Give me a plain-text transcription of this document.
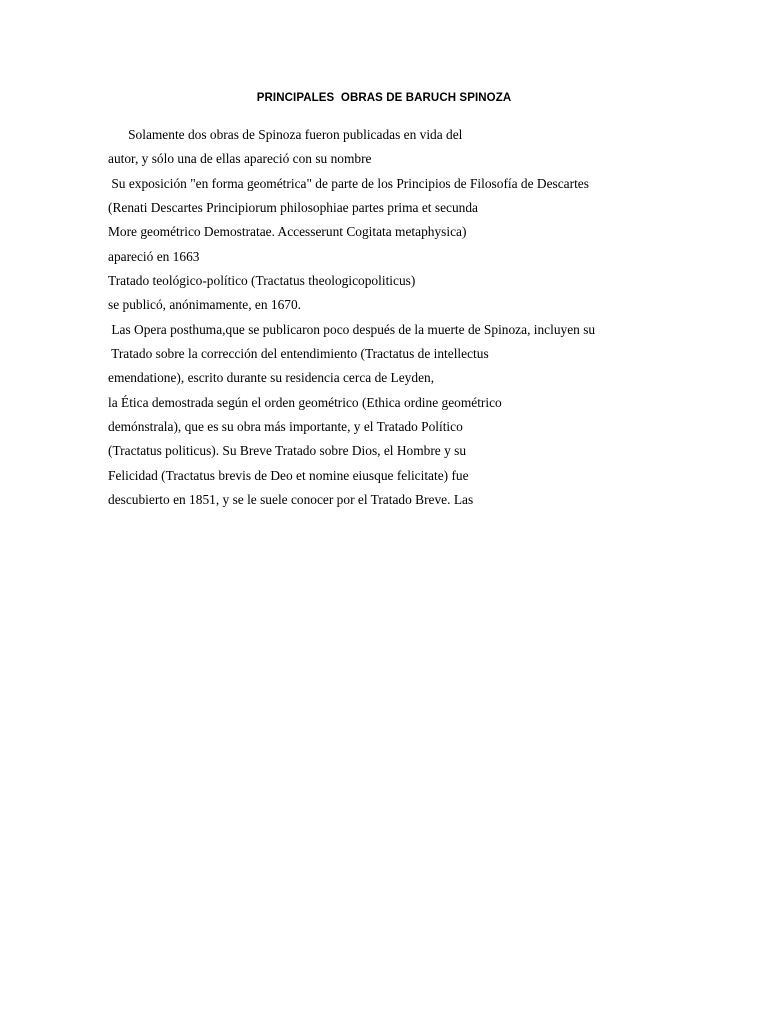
PRINCIPALES  OBRAS DE BARUCH SPINOZA
Solamente dos obras de Spinoza fueron publicadas en vida del
autor, y sólo una de ellas apareció con su nombre
Su exposición "en forma geométrica" de parte de los Principios de Filosofía de Descartes
(Renati Descartes Principiorum philosophiae partes prima et secunda
More geométrico Demostratae. Accesserunt Cogitata metaphysica)
apareció en 1663
Tratado teológico-político (Tractatus theologicopoliticus)
se publicó, anónimamente, en 1670.
Las Opera posthuma,que se publicaron poco después de la muerte de Spinoza, incluyen su
Tratado sobre la corrección del entendimiento (Tractatus de intellectus
emendatione), escrito durante su residencia cerca de Leyden,
la Ética demostrada según el orden geométrico (Ethica ordine geométrico
demónstrala), que es su obra más importante, y el Tratado Político
(Tractatus politicus). Su Breve Tratado sobre Dios, el Hombre y su
Felicidad (Tractatus brevis de Deo et nomine eiusque felicitate) fue
descubierto en 1851, y se le suele conocer por el Tratado Breve. Las
